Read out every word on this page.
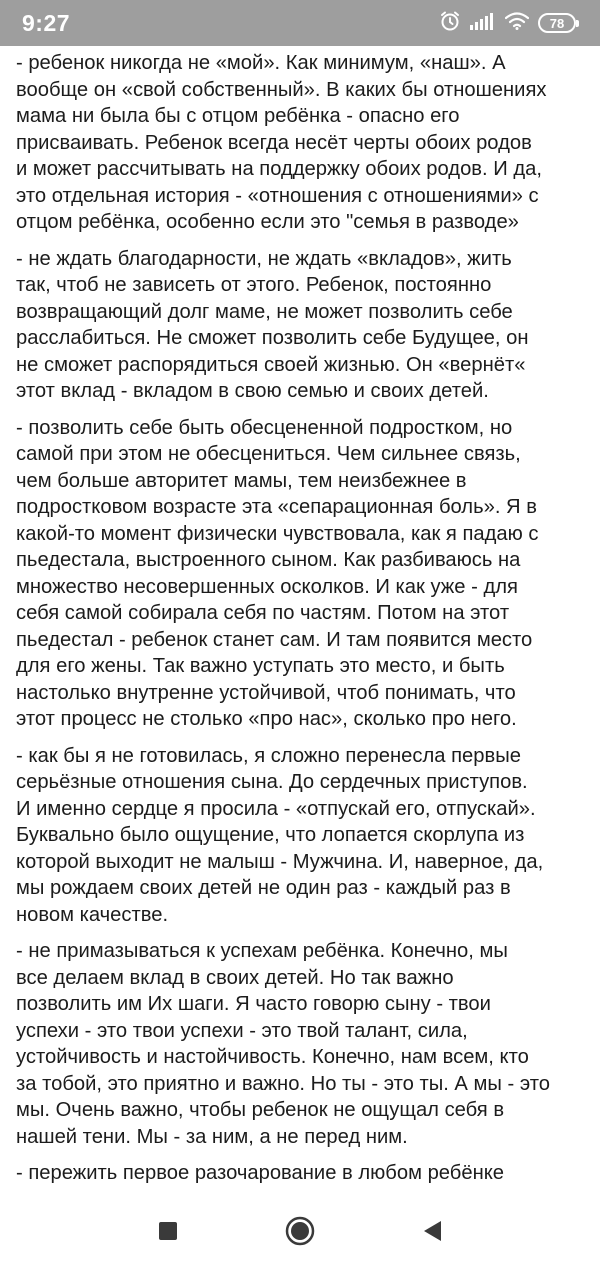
9:27	78

- ребенок никогда не «мой». Как минимум, «наш». А
вообще он «свой собственный». В каких бы отношениях
мама ни была бы с отцом ребёнка - опасно его
присваивать. Ребенок всегда несёт черты обоих родов
и может рассчитывать на поддержку обоих родов. И да,
это отдельная история - «отношения с отношениями» с
отцом ребёнка, особенно если это "семья в разводе»

- не ждать благодарности, не ждать «вкладов», жить
так, чтоб не зависеть от этого. Ребенок, постоянно
возвращающий долг маме, не может позволить себе
расслабиться. Не сможет позволить себе Будущее, он
не сможет распорядиться своей жизнью. Он «вернёт«
этот вклад - вкладом в свою семью и своих детей.

- позволить себе быть обесцененной подростком, но
самой при этом не обесцениться. Чем сильнее связь,
чем больше авторитет мамы, тем неизбежнее в
подростковом возрасте эта «сепарационная боль». Я в
какой-то момент физически чувствовала, как я падаю с
пьедестала, выстроенного сыном. Как разбиваюсь на
множество несовершенных осколков. И как уже - для
себя самой собирала себя по частям. Потом на этот
пьедестал - ребенок станет сам. И там появится место
для его жены. Так важно уступать это место, и быть
настолько внутренне устойчивой, чтоб понимать, что
этот процесс не столько «про нас», сколько про него.

- как бы я не готовилась, я сложно перенесла первые
серьёзные отношения сына. До сердечных приступов.
И именно сердце я просила - «отпускай его, отпускай».
Буквально было ощущение, что лопается скорлупа из
которой выходит не малыш - Мужчина. И, наверное, да,
мы рождаем своих детей не один раз - каждый раз в
новом качестве.

- не примазываться к успехам ребёнка. Конечно, мы
все делаем вклад в своих детей. Но так важно
позволить им Их шаги. Я часто говорю сыну - твои
успехи - это твои успехи - это твой талант, сила,
устойчивость и настойчивость. Конечно, нам всем, кто
за тобой, это приятно и важно. Но ты - это ты. А мы - это
мы. Очень важно, чтобы ребенок не ощущал себя в
нашей тени. Мы - за ним, а не перед ним.

- пережить первое разочарование в любом ребёнке
